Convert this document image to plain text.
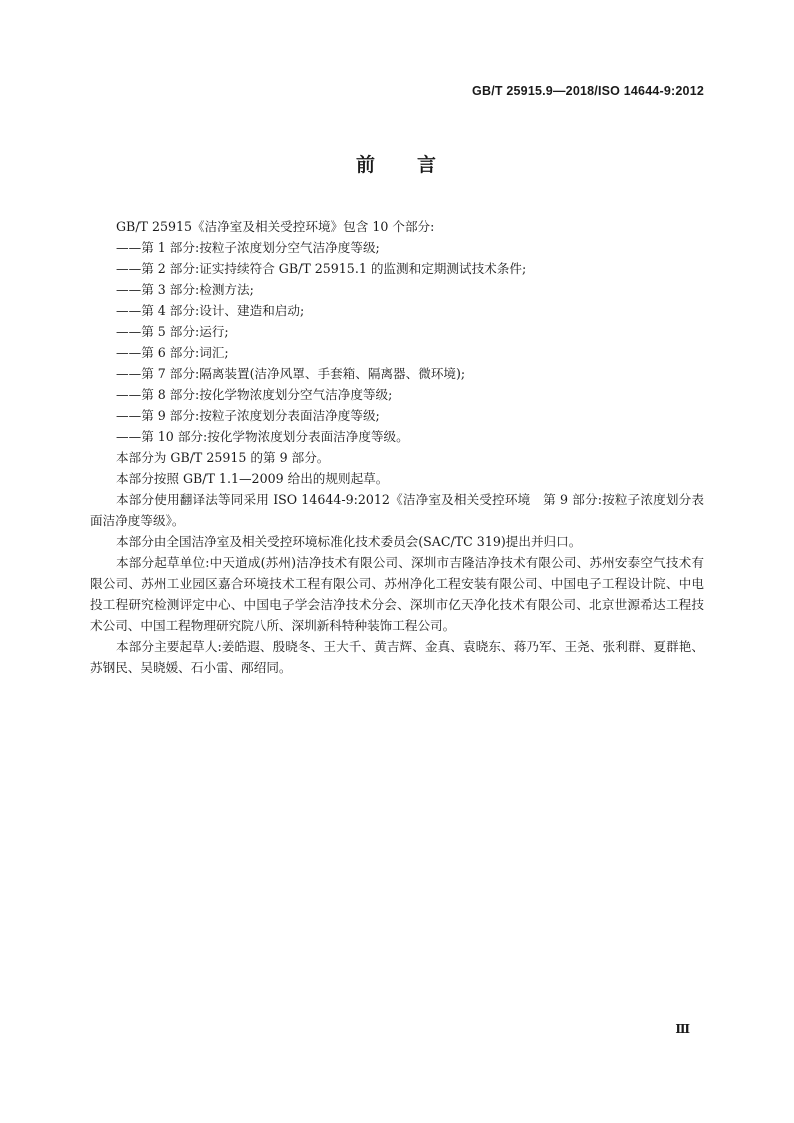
GB/T 25915.9—2018/ISO 14644-9:2012
前 言
GB/T 25915《洁净室及相关受控环境》包含 10 个部分:
——第 1 部分:按粒子浓度划分空气洁净度等级;
——第 2 部分:证实持续符合 GB/T 25915.1 的监测和定期测试技术条件;
——第 3 部分:检测方法;
——第 4 部分:设计、建造和启动;
——第 5 部分:运行;
——第 6 部分:词汇;
——第 7 部分:隔离装置(洁净风罩、手套箱、隔离器、微环境);
——第 8 部分:按化学物浓度划分空气洁净度等级;
——第 9 部分:按粒子浓度划分表面洁净度等级;
——第 10 部分:按化学物浓度划分表面洁净度等级。
本部分为 GB/T 25915 的第 9 部分。
本部分按照 GB/T 1.1—2009 给出的规则起草。
本部分使用翻译法等同采用 ISO 14644-9:2012《洁净室及相关受控环境　第 9 部分:按粒子浓度划分表面洁净度等级》。
本部分由全国洁净室及相关受控环境标准化技术委员会(SAC/TC 319)提出并归口。
本部分起草单位:中天道成(苏州)洁净技术有限公司、深圳市吉隆洁净技术有限公司、苏州安泰空气技术有限公司、苏州工业园区嘉合环境技术工程有限公司、苏州净化工程安装有限公司、中国电子工程设计院、中电投工程研究检测评定中心、中国电子学会洁净技术分会、深圳市亿天净化技术有限公司、北京世源希达工程技术公司、中国工程物理研究院八所、深圳新科特种装饰工程公司。
本部分主要起草人:姜皓遐、殷晓冬、王大千、黄吉辉、金真、袁晓东、蒋乃军、王尧、张利群、夏群艳、苏钢民、吴晓媛、石小雷、邴绍同。
Ⅲ
